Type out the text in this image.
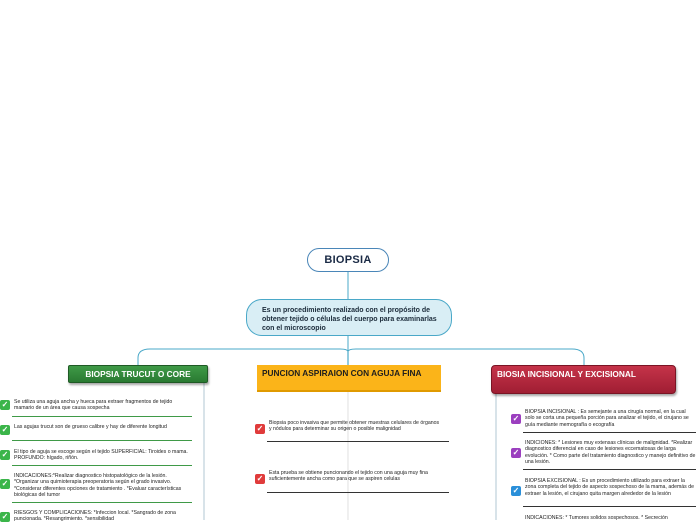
BIOPSIA
Es un procedimiento realizado con el propósito de obtener tejido o células del cuerpo para examinarlas con el microscopio
BIOPSIA TRUCUT O CORE	PUNCION ASPIRAION CON AGUJA FINA	BIOSIA INCISIONAL Y EXCISIONAL
✓	Se utiliza una aguja ancha y hueca para extraer fragmentos de tejido mamario de un área que causa sospecha
✓	Las agujas trucut son de grueso calibre y hay de diferente longitud
✓	El tipo de aguja se escoge según el tejido SUPERFICIAL: Tiroides o mama. PROFUNDO: hígado, riñón.
✓
INDICACIONES:*Realizar diagnostico histopatológico de la lesión. *Organizar una quimioterapia preoperatoria según el grado invasivo. *Considerar diferentes opciones de tratamiento . *Evaluar características biológicas del tumor
✓	RIESGOS Y COMPLICACIONES: *Infeccion local. *Sangrado de zona puncionada. *Resangrimiento. *sensibilidad
✓
Biopsia poco invasiva que permite obtener muestras celulares de órganos y nódulos para determinar su origen o posible malignidad
✓
Esta prueba se obtiene puncionando el tejido con una aguja muy fina suficientemente ancha como para que se aspiren celulas
✓
BIOPSIA INCISIONAL : Es semejante a una cirugía normal, en la cual solo se corta una pequeña porción para analizar el tejido, el cirujano se guía mediante memografía o ecografía
✓
INDICIONES: * Lesiones muy extensas clínicas de malignidad. *Realizar diagnostico diferencial en caso de lesiones eccematosas de larga evolución. * Como parte del tratamiento diagnostico y manejo definitivo de una lesión.
✓
BIOPSIA EXCISIONAL : Es un procedimiento utilizado para extraer la zona completa del tejido de aspecto sospechoso de la mama, además de extraer la lesión, el cirujano quita margen alrededor de la lesión
INDICACIONES: * Tumores solidos sospechosos. * Secreción
